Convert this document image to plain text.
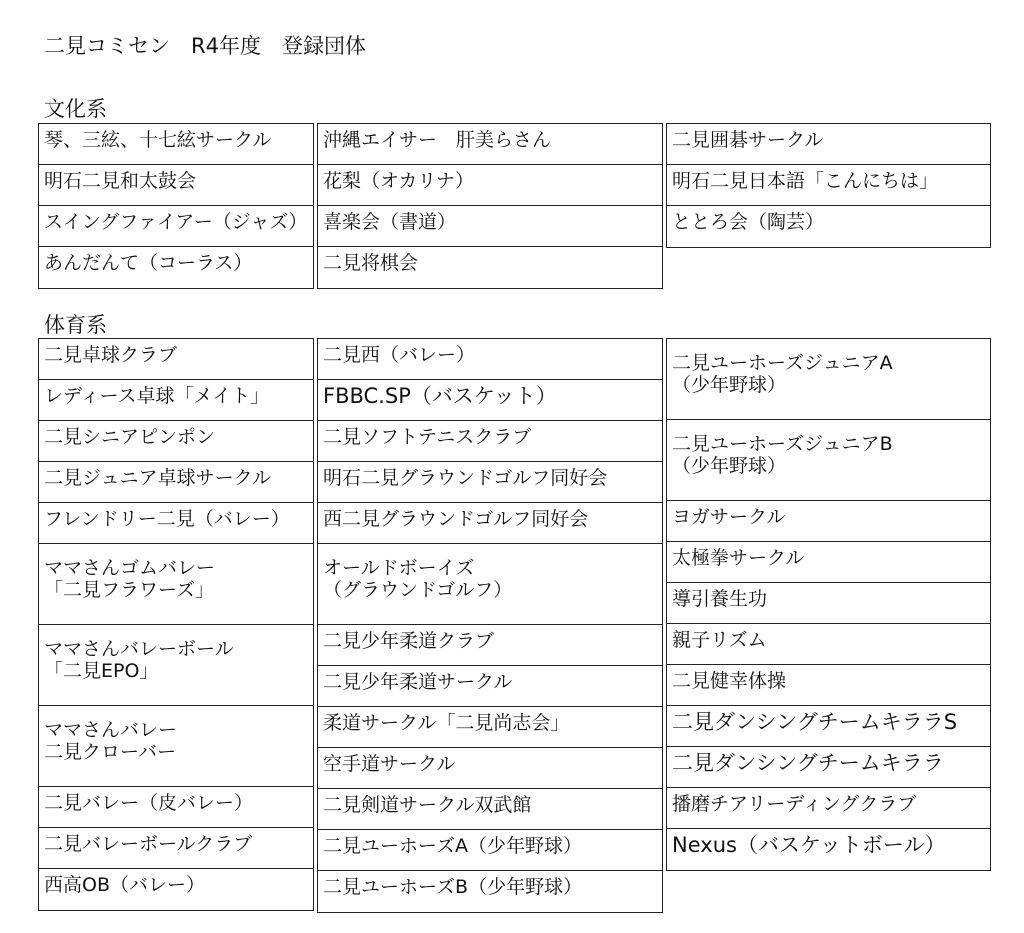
二見コミセン　R4年度　登録団体
文化系
琴、三絃、十七絃サークル
明石二見和太鼓会
スイングファイアー（ジャズ）
あんだんて（コーラス）
沖縄エイサー　肝美らさん
花梨（オカリナ）
喜楽会（書道）
二見将棋会
二見囲碁サークル
明石二見日本語「こんにちは」
ととろ会（陶芸）
体育系
二見卓球クラブ
レディース卓球「メイト」
二見シニアピンポン
二見ジュニア卓球サークル
フレンドリー二見（バレー）
ママさんゴムバレー
「二見フラワーズ」
ママさんバレーボール
「二見EPO」
ママさんバレー
二見クローバー
二見バレー（皮バレー）
二見バレーボールクラブ
西高OB（バレー）
二見西（バレー）
FBBC.SP（バスケット）
二見ソフトテニスクラブ
明石二見グラウンドゴルフ同好会
西二見グラウンドゴルフ同好会
オールドボーイズ
（グラウンドゴルフ）
二見少年柔道クラブ
二見少年柔道サークル
柔道サークル「二見尚志会」
空手道サークル
二見剣道サークル双武館
二見ユーホーズA（少年野球）
二見ユーホーズB（少年野球）
二見ユーホーズジュニアA
（少年野球）
二見ユーホーズジュニアB
（少年野球）
ヨガサークル
太極拳サークル
導引養生功
親子リズム
二見健幸体操
二見ダンシングチームキララS
二見ダンシングチームキララ
播磨チアリーディングクラブ
Nexus（バスケットボール）
